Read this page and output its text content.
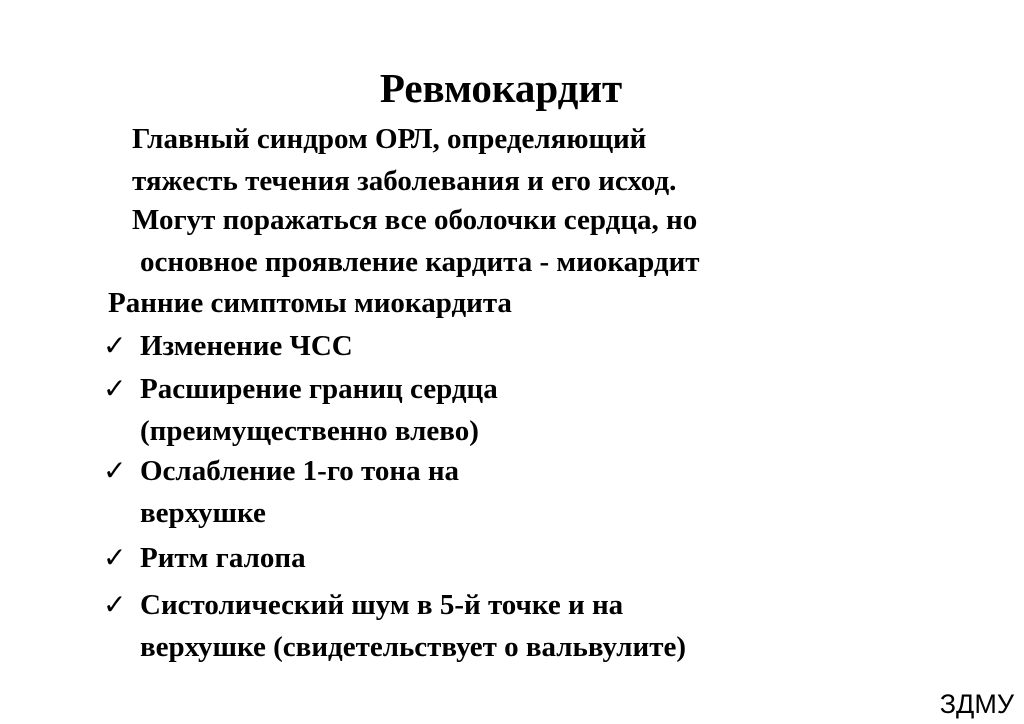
Ревмокардит
Главный синдром ОРЛ, определяющий
тяжесть течения заболевания и его исход.
Могут поражаться все оболочки сердца, но
основное проявление кардита - миокардит
Ранние симптомы миокардита
✓ Изменение ЧСС
✓ Расширение границ сердца
(преимущественно влево)
✓ Ослабление 1-го тона на
верхушке
✓ Ритм галопа
✓ Систолический шум в 5-й точке и на
верхушке (свидетельствует о вальвулите)
ЗДМУ
